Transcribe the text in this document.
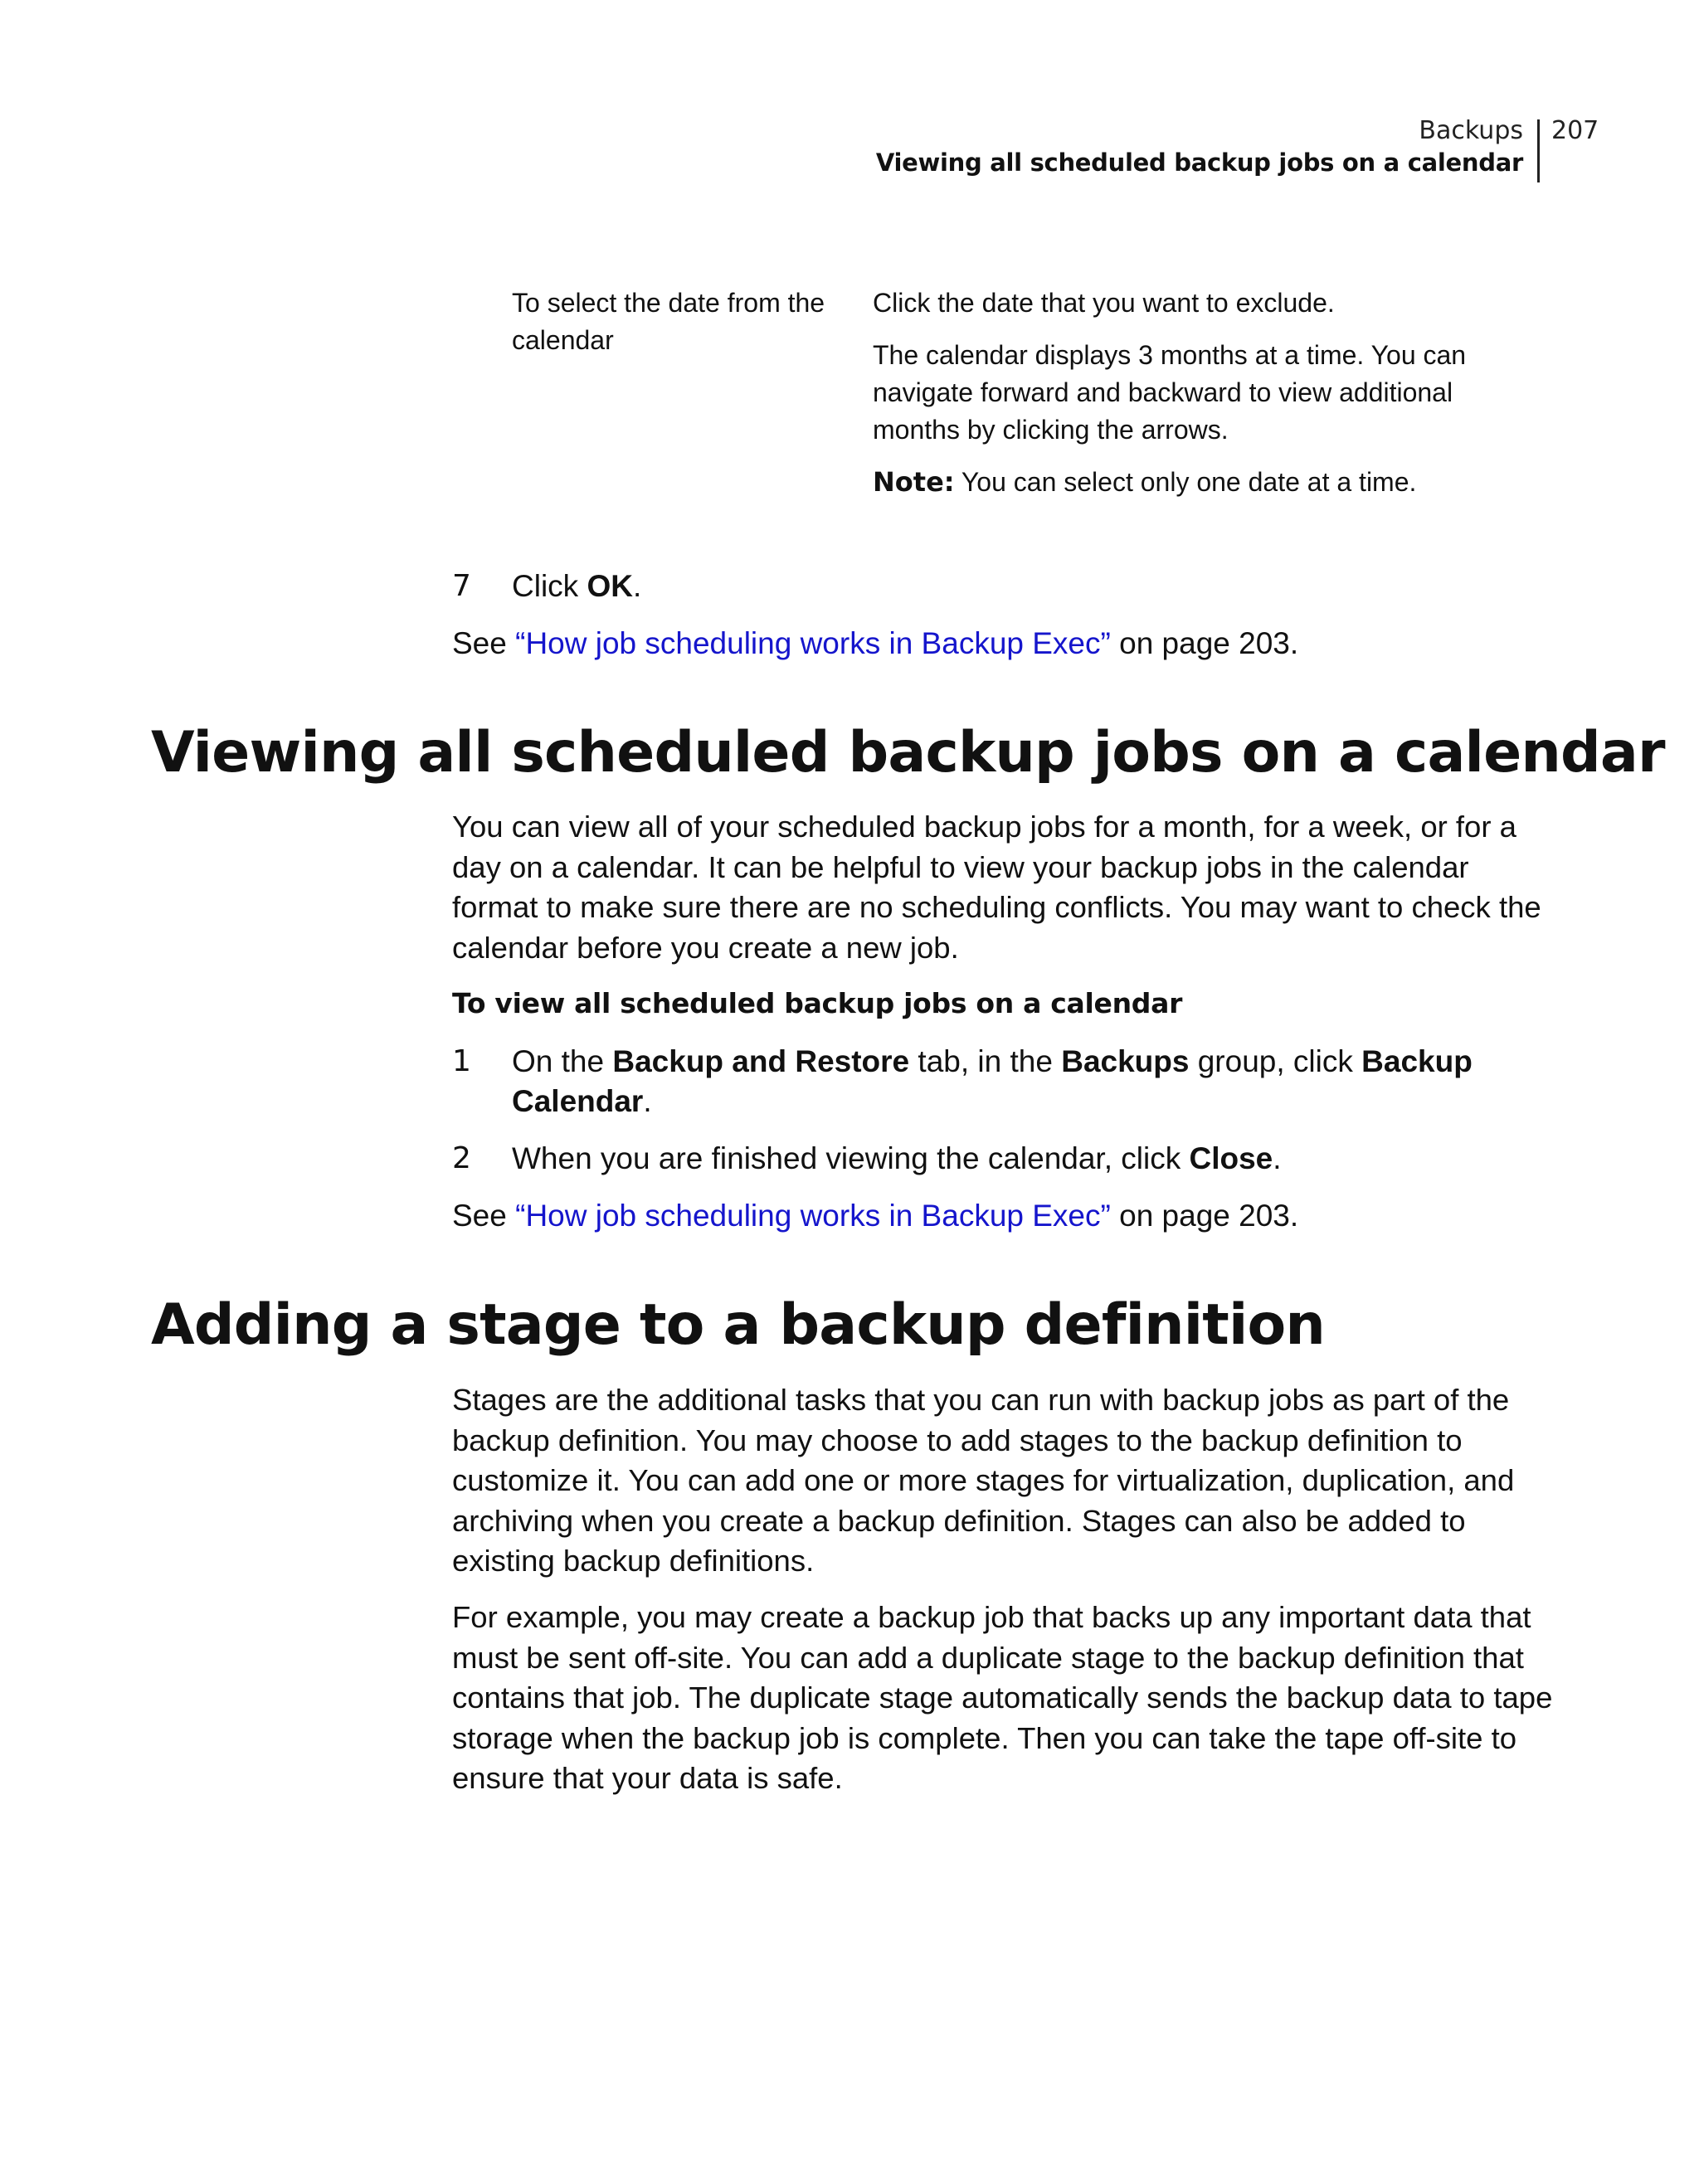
Backups
Viewing all scheduled backup jobs on a calendar
207
To select the date from the calendar

Click the date that you want to exclude.

The calendar displays 3 months at a time. You can navigate forward and backward to view additional months by clicking the arrows.

Note: You can select only one date at a time.

7 Click OK.
See “How job scheduling works in Backup Exec” on page 203.
Viewing all scheduled backup jobs on a calendar

You can view all of your scheduled backup jobs for a month, for a week, or for a day on a calendar. It can be helpful to view your backup jobs in the calendar format to make sure there are no scheduling conflicts. You may want to check the calendar before you create a new job.

To view all scheduled backup jobs on a calendar
1 On the Backup and Restore tab, in the Backups group, click Backup Calendar.
2 When you are finished viewing the calendar, click Close.
See “How job scheduling works in Backup Exec” on page 203.
Adding a stage to a backup definition

Stages are the additional tasks that you can run with backup jobs as part of the backup definition. You may choose to add stages to the backup definition to customize it. You can add one or more stages for virtualization, duplication, and archiving when you create a backup definition. Stages can also be added to existing backup definitions.

For example, you may create a backup job that backs up any important data that must be sent off-site. You can add a duplicate stage to the backup definition that contains that job. The duplicate stage automatically sends the backup data to tape storage when the backup job is complete. Then you can take the tape off-site to ensure that your data is safe.
